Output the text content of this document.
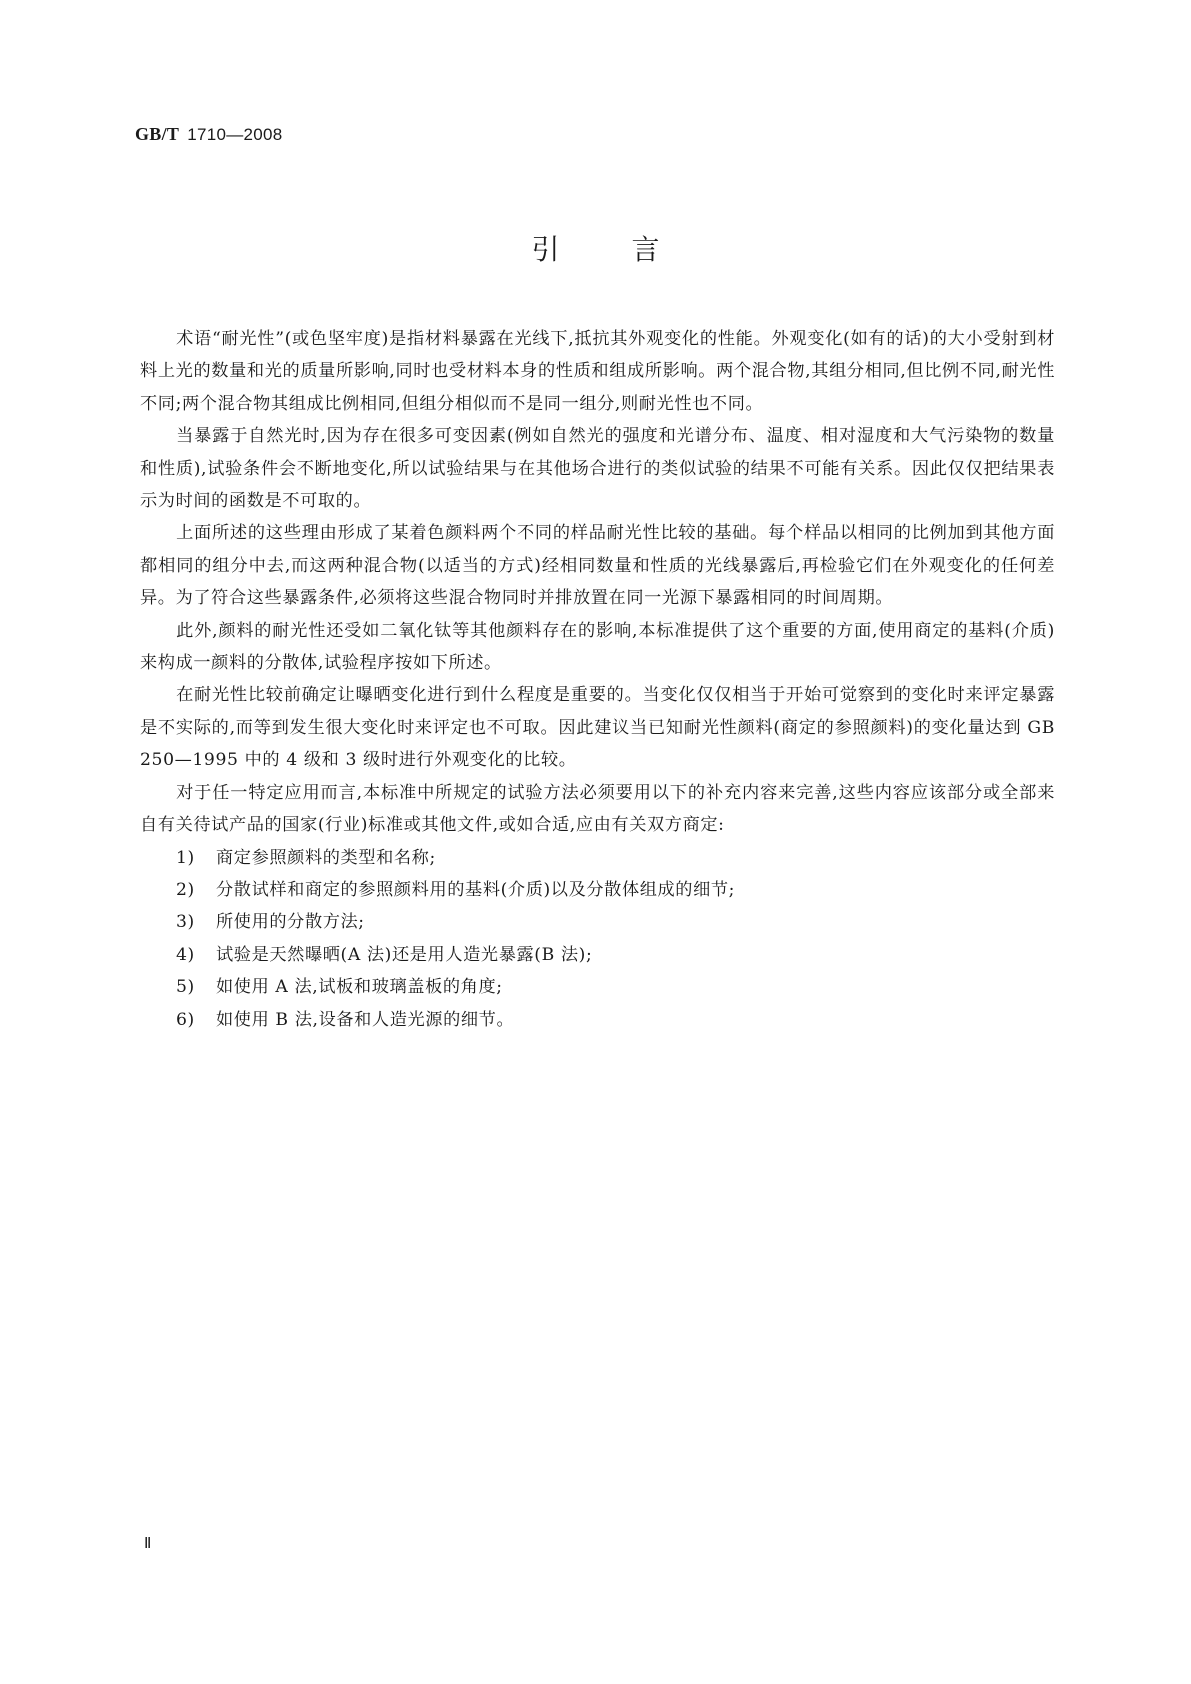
GB/T 1710—2008
引	言

术语“耐光性”(或色坚牢度)是指材料暴露在光线下,抵抗其外观变化的性能。外观变化(如有的话)的大小受射到材料上光的数量和光的质量所影响,同时也受材料本身的性质和组成所影响。两个混合物,其组分相同,但比例不同,耐光性不同;两个混合物其组成比例相同,但组分相似而不是同一组分,则耐光性也不同。

当暴露于自然光时,因为存在很多可变因素(例如自然光的强度和光谱分布、温度、相对湿度和大气污染物的数量和性质),试验条件会不断地变化,所以试验结果与在其他场合进行的类似试验的结果不可能有关系。因此仅仅把结果表示为时间的函数是不可取的。

上面所述的这些理由形成了某着色颜料两个不同的样品耐光性比较的基础。每个样品以相同的比例加到其他方面都相同的组分中去,而这两种混合物(以适当的方式)经相同数量和性质的光线暴露后,再检验它们在外观变化的任何差异。为了符合这些暴露条件,必须将这些混合物同时并排放置在同一光源下暴露相同的时间周期。

此外,颜料的耐光性还受如二氧化钛等其他颜料存在的影响,本标准提供了这个重要的方面,使用商定的基料(介质)来构成一颜料的分散体,试验程序按如下所述。

在耐光性比较前确定让曝晒变化进行到什么程度是重要的。当变化仅仅相当于开始可觉察到的变化时来评定暴露是不实际的,而等到发生很大变化时来评定也不可取。因此建议当已知耐光性颜料(商定的参照颜料)的变化量达到 GB 250—1995 中的 4 级和 3 级时进行外观变化的比较。

对于任一特定应用而言,本标准中所规定的试验方法必须要用以下的补充内容来完善,这些内容应该部分或全部来自有关待试产品的国家(行业)标准或其他文件,或如合适,应由有关双方商定:

1)	商定参照颜料的类型和名称;
2)	分散试样和商定的参照颜料用的基料(介质)以及分散体组成的细节;
3)	所使用的分散方法;
4)	试验是天然曝晒(A 法)还是用人造光暴露(B 法);
5)	如使用 A 法,试板和玻璃盖板的角度;
6)	如使用 B 法,设备和人造光源的细节。
Ⅱ
